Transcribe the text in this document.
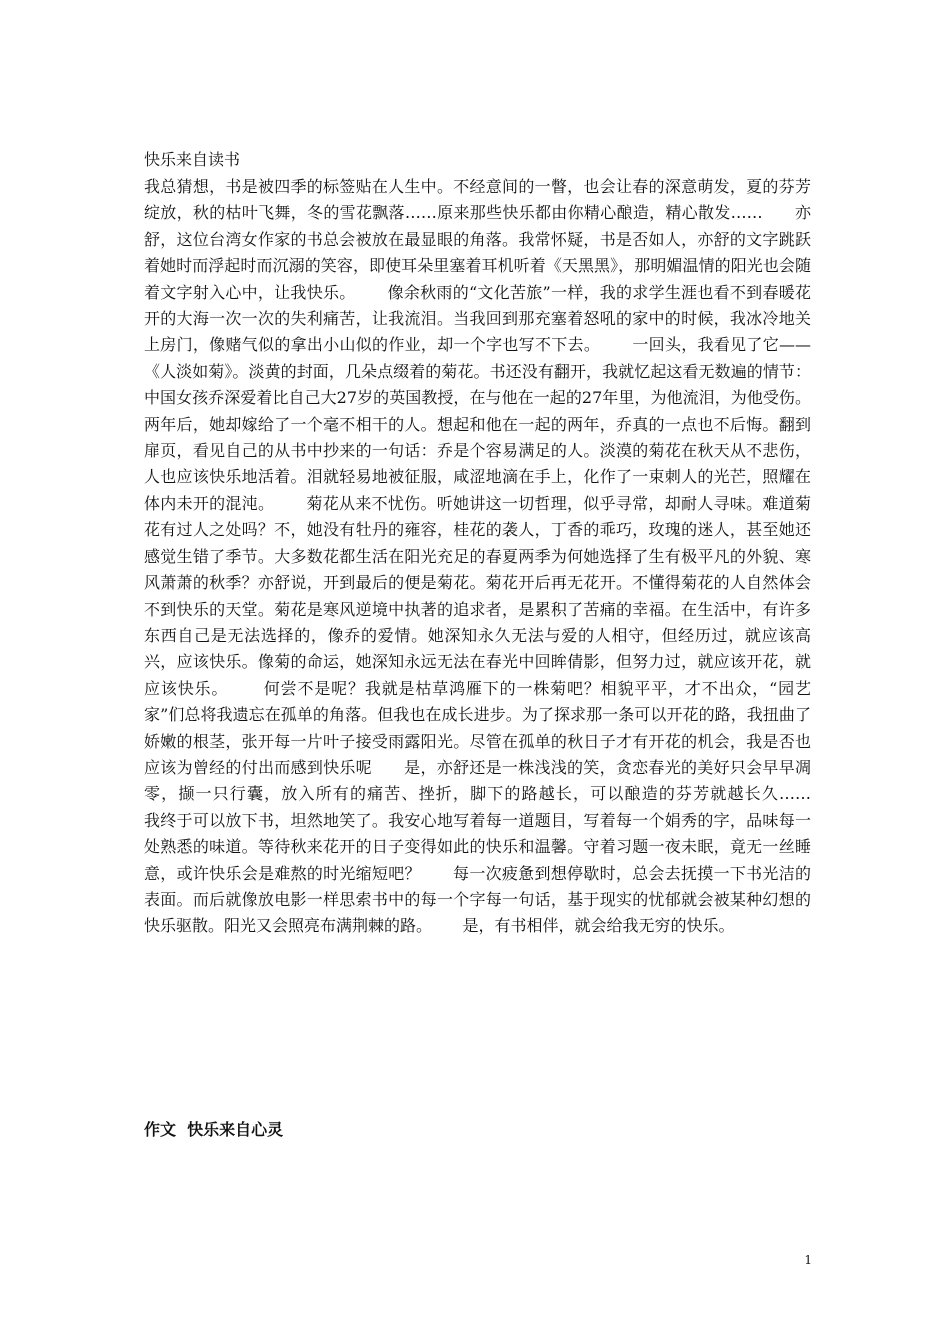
快乐来自读书

我总猜想，书是被四季的标签贴在人生中。不经意间的一瞥，也会让春的深意萌发，夏的芬芳绽放，秋的枯叶飞舞，冬的雪花飘落……原来那些快乐都由你精心酿造，精心散发……      亦舒，这位台湾女作家的书总会被放在最显眼的角落。我常怀疑，书是否如人，亦舒的文字跳跃着她时而浮起时而沉溺的笑容，即使耳朵里塞着耳机听着《天黑黑》，那明媚温情的阳光也会随着文字射入心中，让我快乐。      像余秋雨的“文化苦旅”一样，我的求学生涯也看不到春暖花开的大海一次一次的失利痛苦，让我流泪。当我回到那充塞着怒吼的家中的时候，我冰冷地关上房门，像赌气似的拿出小山似的作业，却一个字也写不下去。      一回头，我看见了它——《人淡如菊》。淡黄的封面，几朵点缀着的菊花。书还没有翻开，我就忆起这看无数遍的情节：中国女孩乔深爱着比自己大27岁的英国教授，在与他在一起的27年里，为他流泪，为他受伤。两年后，她却嫁给了一个毫不相干的人。想起和他在一起的两年，乔真的一点也不后悔。翻到扉页，看见自己的从书中抄来的一句话：乔是个容易满足的人。淡漠的菊花在秋天从不悲伤，人也应该快乐地活着。泪就轻易地被征服，咸涩地滴在手上，化作了一束刺人的光芒，照耀在体内未开的混沌。      菊花从来不忧伤。听她讲这一切哲理，似乎寻常，却耐人寻味。难道菊花有过人之处吗？不，她没有牡丹的雍容，桂花的袭人，丁香的乖巧，玫瑰的迷人，甚至她还感觉生错了季节。大多数花都生活在阳光充足的春夏两季为何她选择了生有极平凡的外貌、寒风萧萧的秋季？亦舒说，开到最后的便是菊花。菊花开后再无花开。不懂得菊花的人自然体会不到快乐的天堂。菊花是寒风逆境中执著的追求者，是累积了苦痛的幸福。在生活中，有许多东西自己是无法选择的，像乔的爱情。她深知永久无法与爱的人相守，但经历过，就应该高兴，应该快乐。像菊的命运，她深知永远无法在春光中回眸倩影，但努力过，就应该开花，就应该快乐。      何尝不是呢？我就是枯草鸿雁下的一株菊吧？相貌平平，才不出众，“园艺家”们总将我遗忘在孤单的角落。但我也在成长进步。为了探求那一条可以开花的路，我扭曲了娇嫩的根茎，张开每一片叶子接受雨露阳光。尽管在孤单的秋日子才有开花的机会，我是否也应该为曾经的付出而感到快乐呢      是，亦舒还是一株浅浅的笑，贪恋春光的美好只会早早凋零，撷一只行囊，放入所有的痛苦、挫折，脚下的路越长，可以酿造的芬芳就越长久……      我终于可以放下书，坦然地笑了。我安心地写着每一道题目，写着每一个娟秀的字，品味每一处熟悉的味道。等待秋来花开的日子变得如此的快乐和温馨。守着习题一夜未眠，竟无一丝睡意，或许快乐会是难熬的时光缩短吧？      每一次疲惫到想停歇时，总会去抚摸一下书光洁的表面。而后就像放电影一样思索书中的每一个字每一句话，基于现实的忧郁就会被某种幻想的快乐驱散。阳光又会照亮布满荆棘的路。      是，有书相伴，就会给我无穷的快乐。

作文  快乐来自心灵
1
